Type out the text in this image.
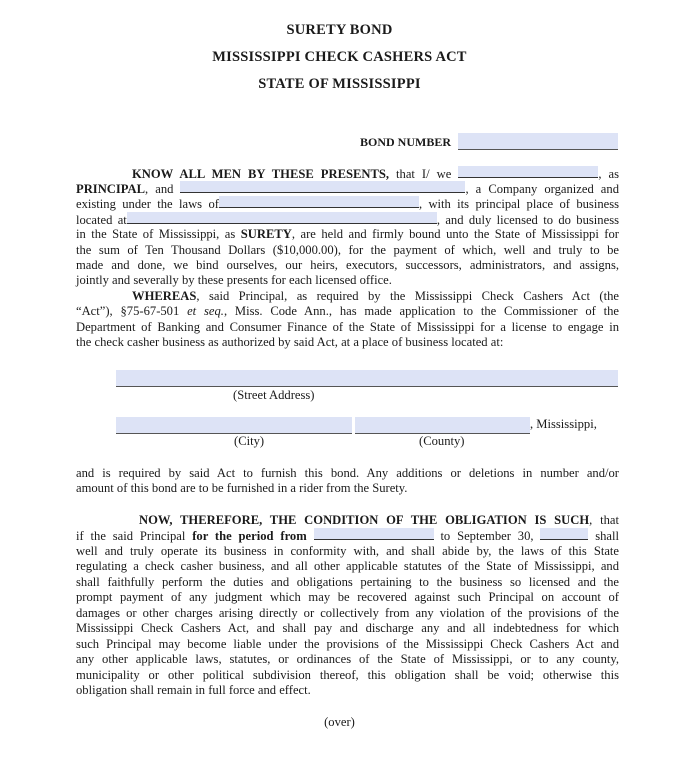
SURETY BOND
MISSISSIPPI CHECK CASHERS ACT
STATE OF MISSISSIPPI
BOND NUMBER
KNOW ALL MEN BY THESE PRESENTS, that I/ we	, as
PRINCIPAL, and	, a Company organized and
existing under the laws of	, with its principal place of business
located at	, and duly licensed to do business
in the State of Mississippi, as SURETY, are held and firmly bound unto the State of Mississippi for
the sum of Ten Thousand Dollars ($10,000.00), for the payment of which, well and truly to be
made and done, we bind ourselves, our heirs, executors, successors, administrators, and assigns,
jointly and severally by these presents for each licensed office.
WHEREAS, said Principal, as required by the Mississippi Check Cashers Act (the
“Act”), §75-67-501 et seq., Miss. Code Ann., has made application to the Commissioner of the
Department of Banking and Consumer Finance of the State of Mississippi for a license to engage in
the check casher business as authorized by said Act, at a place of business located at:
(Street Address)
, Mississippi,
(City)	(County)
and is required by said Act to furnish this bond. Any additions or deletions in number and/or
amount of this bond are to be furnished in a rider from the Surety.
NOW, THEREFORE, THE CONDITION OF THE OBLIGATION IS SUCH, that
if the said Principal for the period from	to September 30,	shall
well and truly operate its business in conformity with, and shall abide by, the laws of this State
regulating a check casher business, and all other applicable statutes of the State of Mississippi, and
shall faithfully perform the duties and obligations pertaining to the business so licensed and the
prompt payment of any judgment which may be recovered against such Principal on account of
damages or other charges arising directly or collectively from any violation of the provisions of the
Mississippi Check Cashers Act, and shall pay and discharge any and all indebtedness for which
such Principal may become liable under the provisions of the Mississippi Check Cashers Act and
any other applicable laws, statutes, or ordinances of the State of Mississippi, or to any county,
municipality or other political subdivision thereof, this obligation shall be void; otherwise this
obligation shall remain in full force and effect.
(over)
